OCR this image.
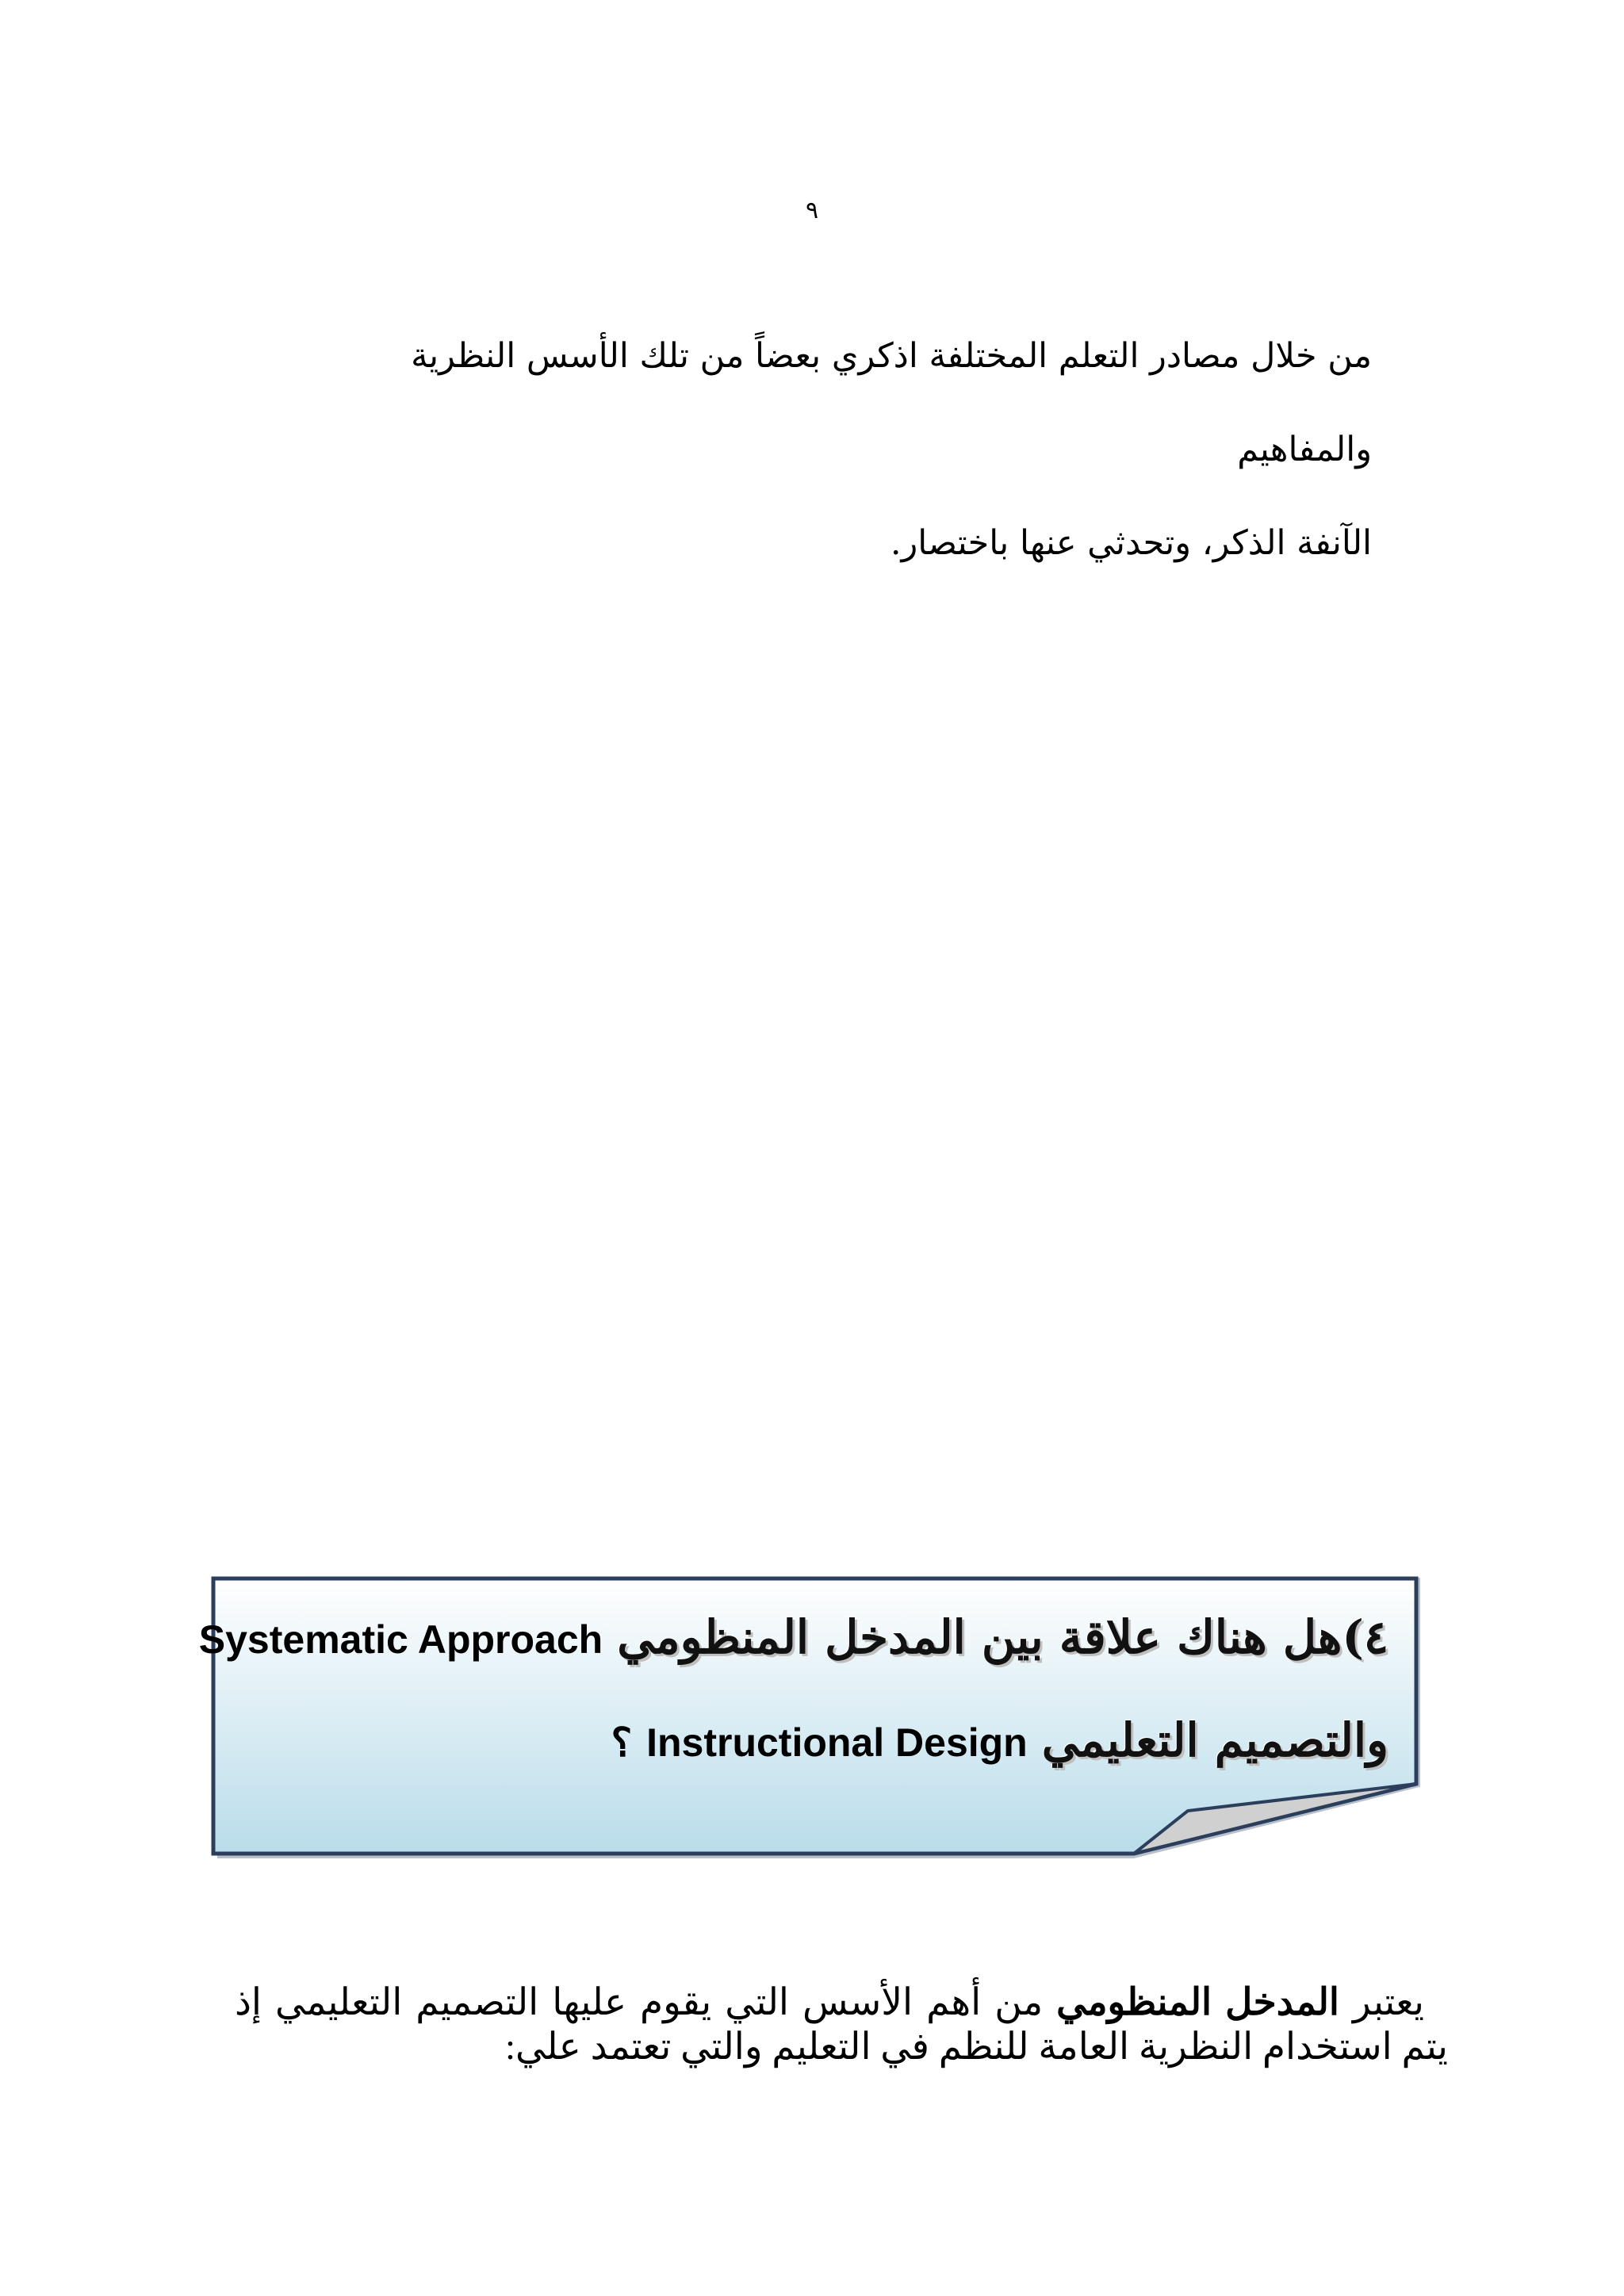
٩
من خلال مصادر التعلم المختلفة اذكري بعضاً من تلك الأسس النظرية والمفاهيم
الآنفة الذكر، وتحدثي عنها باختصار.
٤)هل هناك علاقة بين المدخل المنظوميSystematic Approach
والتصميم التعليميInstructional Design؟
يعتبر المدخل المنظومي من أهم الأسس التي يقوم عليها التصميم التعليمي إذ يتم استخدام النظرية العامة للنظم في التعليم والتي تعتمد علي:
